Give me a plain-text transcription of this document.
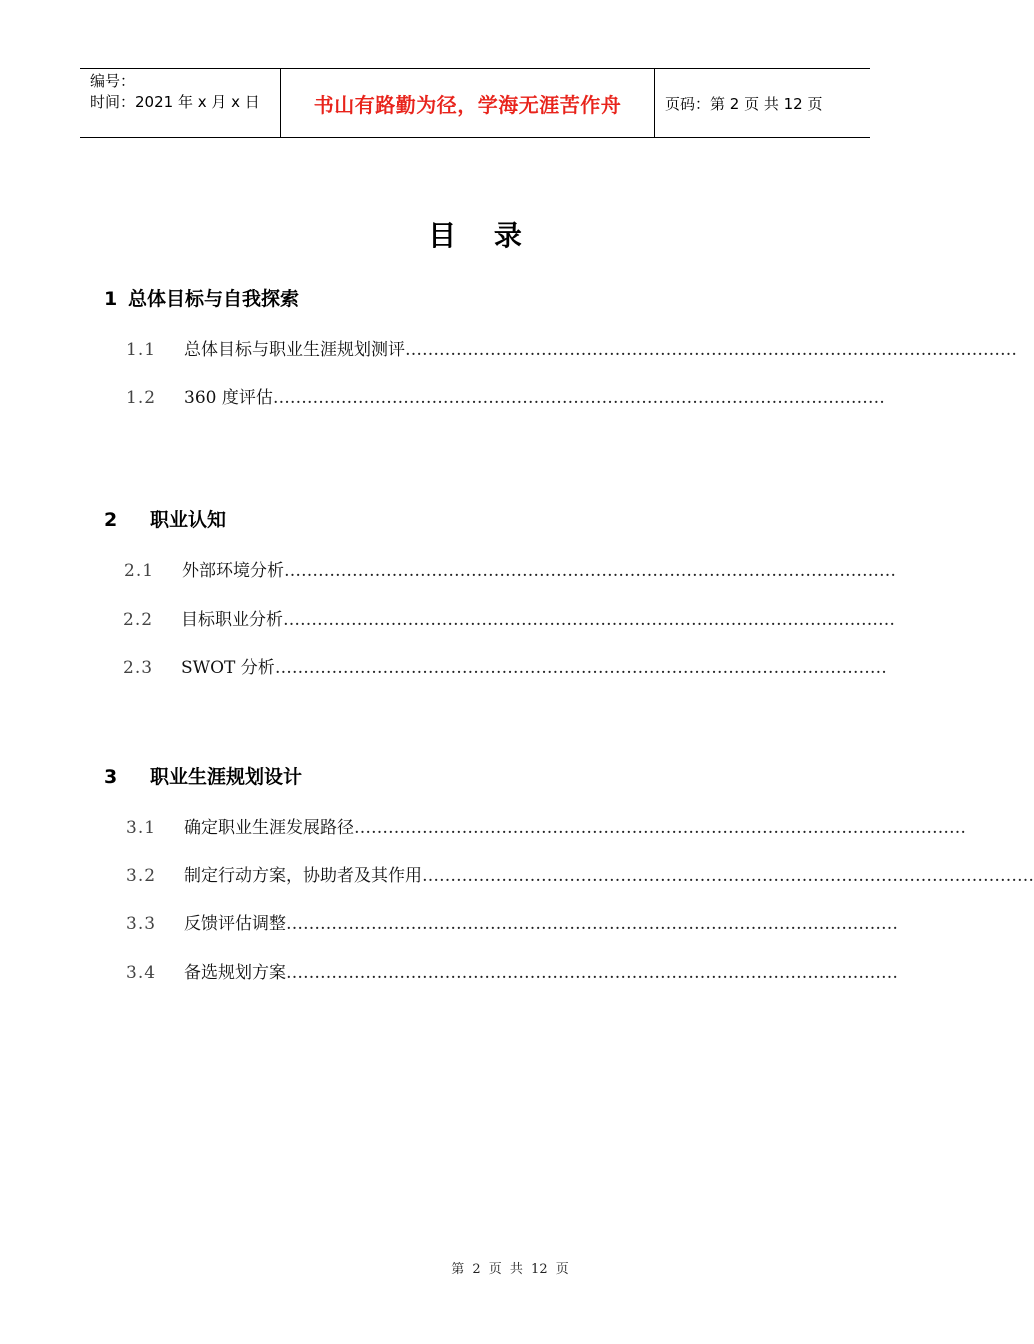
编号：
时间：2021 年 x 月 x 日	书山有路勤为径，学海无涯苦作舟	页码：第 2 页 共 12 页
目 录
1 总体目标与自我探索
1.1 总体目标与职业生涯规划测评………………………………………………………………………………………………
1.2 360 度评估………………………………………………………………………………………………
2 职业认知
2.1 外部环境分析………………………………………………………………………………………………
2.2 目标职业分析………………………………………………………………………………………………
2.3 SWOT 分析………………………………………………………………………………………………
3 职业生涯规划设计
3.1 确定职业生涯发展路径………………………………………………………………………………………………
3.2 制定行动方案，协助者及其作用………………………………………………………………………………………………
3.3 反馈评估调整………………………………………………………………………………………………
3.4 备选规划方案………………………………………………………………………………………………
第 2 页 共 12 页
